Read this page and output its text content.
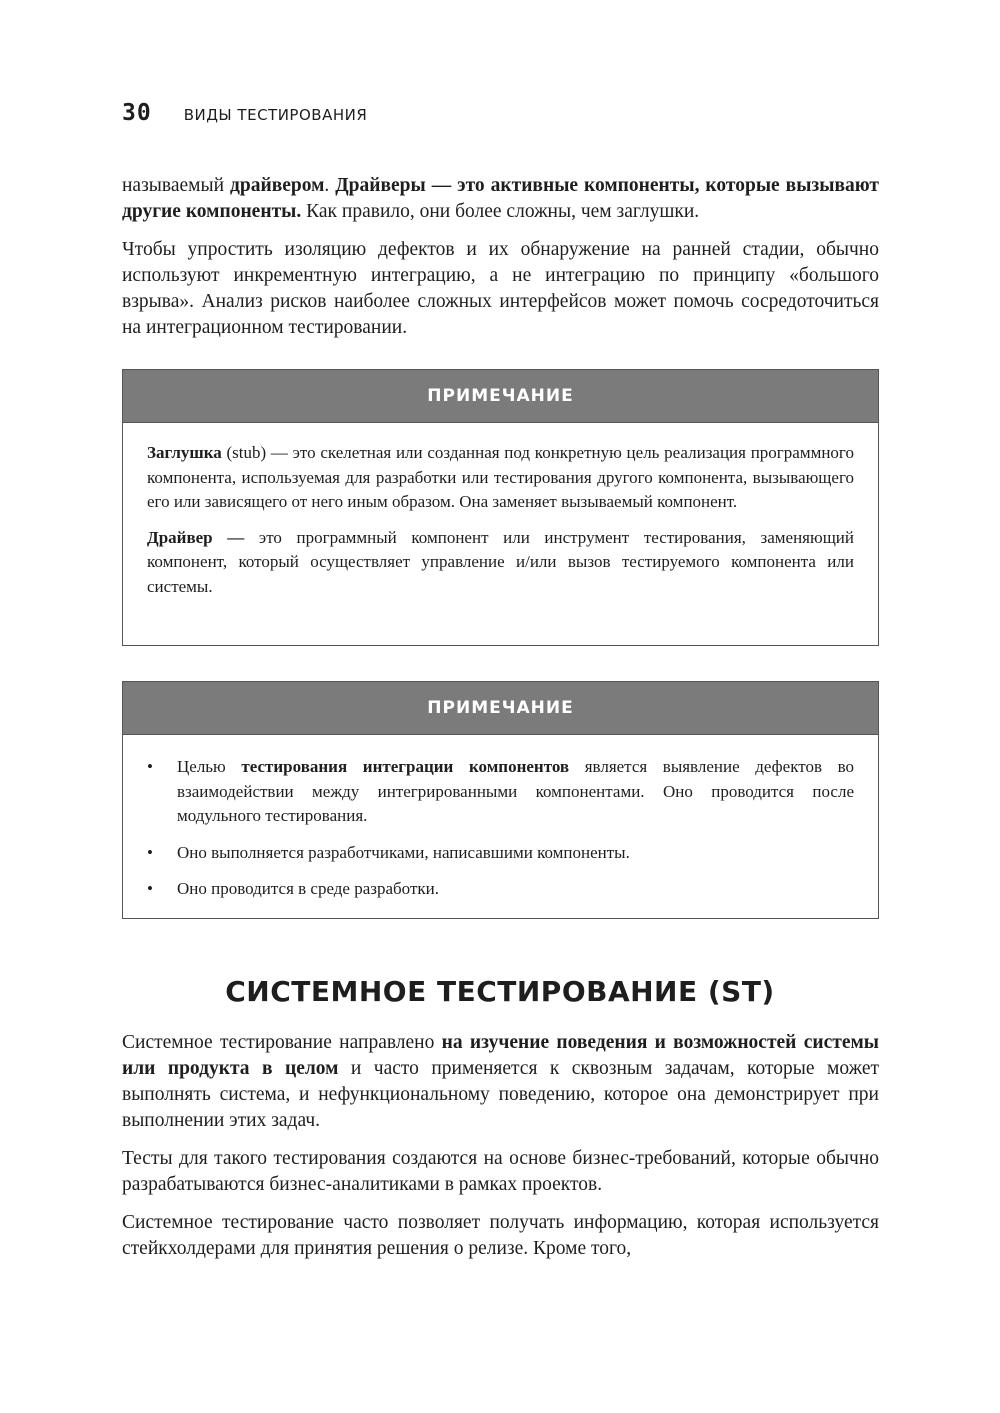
30 ВИДЫ ТЕСТИРОВАНИЯ

называемый драйвером. Драйверы — это активные компоненты, которые вызывают другие компоненты. Как правило, они более сложны, чем заглушки.

Чтобы упростить изоляцию дефектов и их обнаружение на ранней стадии, обычно используют инкрементную интеграцию, а не интеграцию по принципу «большого взрыва». Анализ рисков наиболее сложных интерфейсов может помочь сосредоточиться на интеграционном тестировании.

ПРИМЕЧАНИЕ

Заглушка (stub) — это скелетная или созданная под конкретную цель реализация программного компонента, используемая для разработки или тестирования другого компонента, вызывающего его или зависящего от него иным образом. Она заменяет вызываемый компонент.

Драйвер — это программный компонент или инструмент тестирования, заменяющий компонент, который осуществляет управление и/или вызов тестируемого компонента или системы.

ПРИМЕЧАНИЕ
• Целью тестирования интеграции компонентов является выявление дефектов во взаимодействии между интегрированными компонентами. Оно проводится после модульного тестирования.
• Оно выполняется разработчиками, написавшими компоненты.
• Оно проводится в среде разработки.
СИСТЕМНОЕ ТЕСТИРОВАНИЕ (ST)

Системное тестирование направлено на изучение поведения и возможностей системы или продукта в целом и часто применяется к сквозным задачам, которые может выполнять система, и нефункциональному поведению, которое она демонстрирует при выполнении этих задач.

Тесты для такого тестирования создаются на основе бизнес-требований, которые обычно разрабатываются бизнес-аналитиками в рамках проектов.

Системное тестирование часто позволяет получать информацию, которая используется стейкхолдерами для принятия решения о релизе. Кроме того,
